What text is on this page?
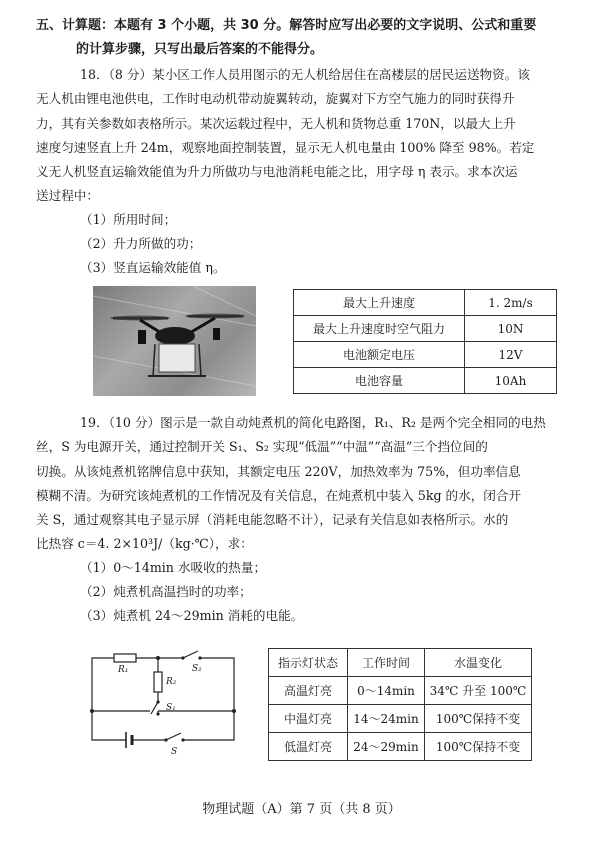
五、计算题：本题有 3 个小题，共 30 分。解答时应写出必要的文字说明、公式和重要
的计算步骤，只写出最后答案的不能得分。
18．（8 分）某小区工作人员用图示的无人机给居住在高楼层的居民运送物资。该
无人机由锂电池供电，工作时电动机带动旋翼转动，旋翼对下方空气施力的同时获得升
力，其有关参数如表格所示。某次运载过程中，无人机和货物总重 170N，以最大上升
速度匀速竖直上升 24m，观察地面控制装置，显示无人机电量由 100% 降至 98%。若定
义无人机竖直运输效能值为升力所做功与电池消耗电能之比，用字母 η 表示。求本次运
送过程中：
（1）所用时间；
（2）升力所做的功；
（3）竖直运输效能值 η。
最大上升速度	1. 2m/s
最大上升速度时空气阻力	10N
电池额定电压	12V
电池容量	10Ah
19．（10 分）图示是一款自动炖煮机的简化电路图，R₁、R₂ 是两个完全相同的电热
丝，S 为电源开关，通过控制开关 S₁、S₂ 实现“低温”“中温”“高温”三个挡位间的
切换。从该炖煮机铭牌信息中获知，其额定电压 220V，加热效率为 75%，但功率信息
模糊不清。为研究该炖煮机的工作情况及有关信息，在炖煮机中装入 5kg 的水，闭合开
关 S，通过观察其电子显示屏（消耗电能忽略不计），记录有关信息如表格所示。水的
比热容 c＝4. 2×10³J/（kg·℃），求：
（1）0～14min 水吸收的热量；
（2）炖煮机高温挡时的功率；
（3）炖煮机 24～29min 消耗的电能。
R₁
R₂
S₁
S₂
S
指示灯状态	工作时间	水温变化
高温灯亮	0～14min	34℃ 升至 100℃
中温灯亮	14～24min	100℃保持不变
低温灯亮	24～29min	100℃保持不变
物理试题（A）第 7 页（共 8 页）
